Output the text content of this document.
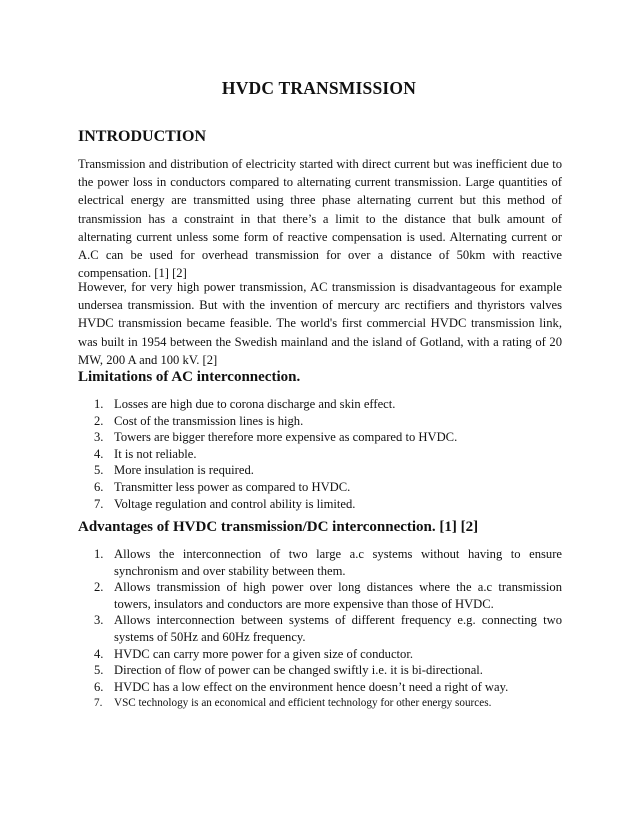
HVDC TRANSMISSION
INTRODUCTION

Transmission and distribution of electricity started with direct current but was inefficient due to the power loss in conductors compared to alternating current transmission. Large quantities of electrical energy are transmitted using three phase alternating current but this method of transmission has a constraint in that there’s a limit to the distance that bulk amount of alternating current unless some form of reactive compensation is used. Alternating current or A.C can be used for overhead transmission for over a distance of 50km with reactive compensation. [1] [2]

However, for very high power transmission, AC transmission is disadvantageous for example undersea transmission. But with the invention of mercury arc rectifiers and thyristors valves HVDC transmission became feasible. The world's first commercial HVDC transmission link, was built in 1954 between the Swedish mainland and the island of Gotland, with a rating of 20 MW, 200 A and 100 kV. [2]

Limitations of AC interconnection.
1. Losses are high due to corona discharge and skin effect.
2. Cost of the transmission lines is high.
3. Towers are bigger therefore more expensive as compared to HVDC.
4. It is not reliable.
5. More insulation is required.
6. Transmitter less power as compared to HVDC.
7. Voltage regulation and control ability is limited.
Advantages of HVDC transmission/DC interconnection. [1] [2]
1. Allows the interconnection of two large a.c systems without having to ensure synchronism and over stability between them.
2. Allows transmission of high power over long distances where the a.c transmission towers, insulators and conductors are more expensive than those of HVDC.
3. Allows interconnection between systems of different frequency e.g. connecting two systems of 50Hz and 60Hz frequency.
4. HVDC can carry more power for a given size of conductor.
5. Direction of flow of power can be changed swiftly i.e. it is bi-directional.
6. HVDC has a low effect on the environment hence doesn’t need a right of way.
7. VSC technology is an economical and efficient technology for other energy sources.
